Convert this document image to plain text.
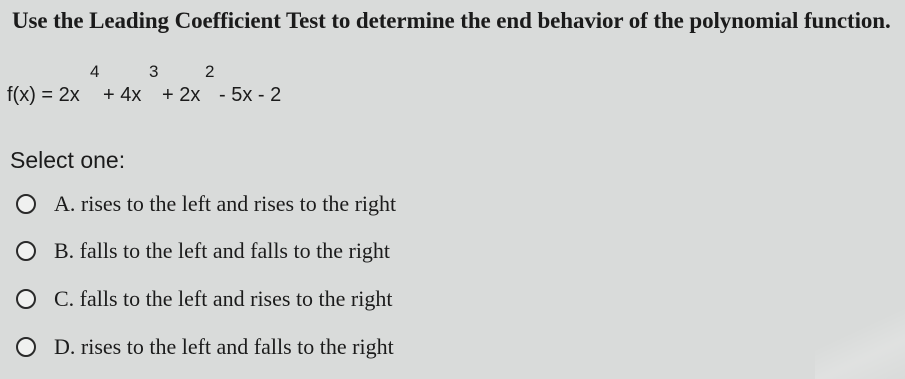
Use the Leading Coefficient Test to determine the end behavior of the polynomial function.
f(x) = 2x
4
+ 4x
3
+ 2x
2
- 5x - 2
Select one:
A. rises to the left and rises to the right
B. falls to the left and falls to the right
C. falls to the left and rises to the right
D. rises to the left and falls to the right
